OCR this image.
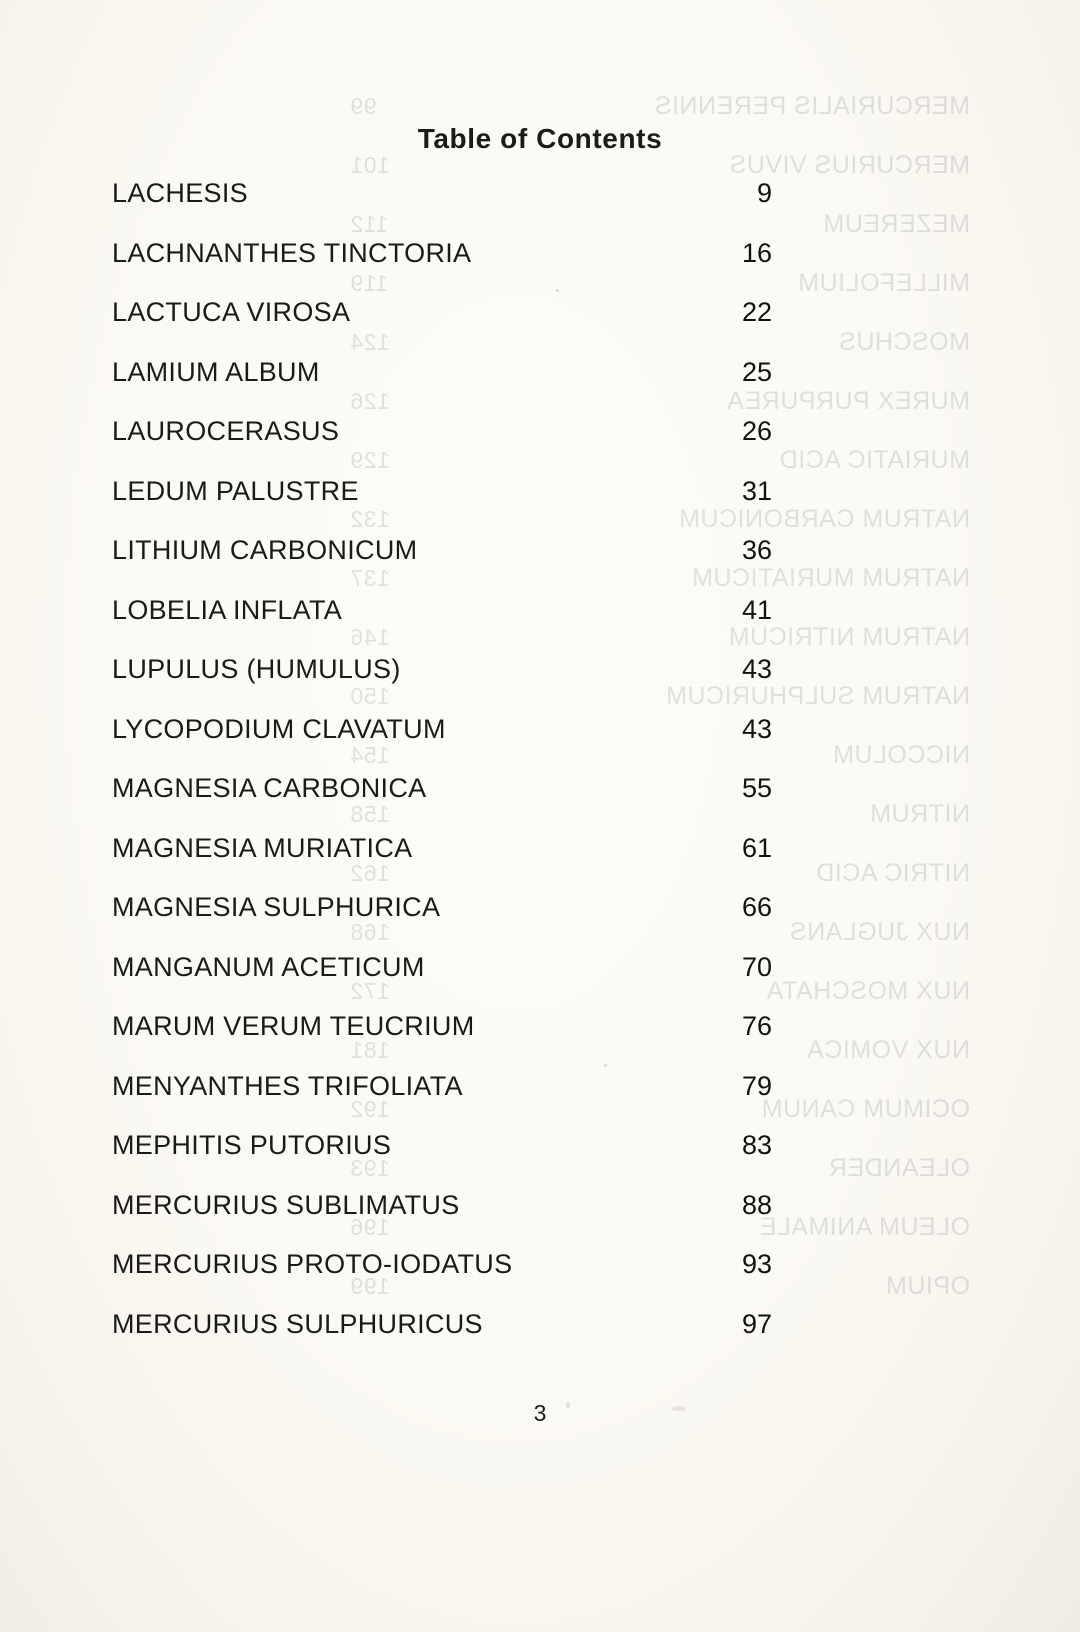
Table of Contents
LACHESIS	9
LACHNANTHES TINCTORIA	16
LACTUCA VIROSA	22
LAMIUM ALBUM	25
LAUROCERASUS	26
LEDUM PALUSTRE	31
LITHIUM CARBONICUM	36
LOBELIA INFLATA	41
LUPULUS (HUMULUS)	43
LYCOPODIUM CLAVATUM	43
MAGNESIA CARBONICA	55
MAGNESIA MURIATICA	61
MAGNESIA SULPHURICA	66
MANGANUM ACETICUM	70
MARUM VERUM TEUCRIUM	76
MENYANTHES TRIFOLIATA	79
MEPHITIS PUTORIUS	83
MERCURIUS SUBLIMATUS	88
MERCURIUS PROTO-IODATUS	93
MERCURIUS SULPHURICUS	97
3
